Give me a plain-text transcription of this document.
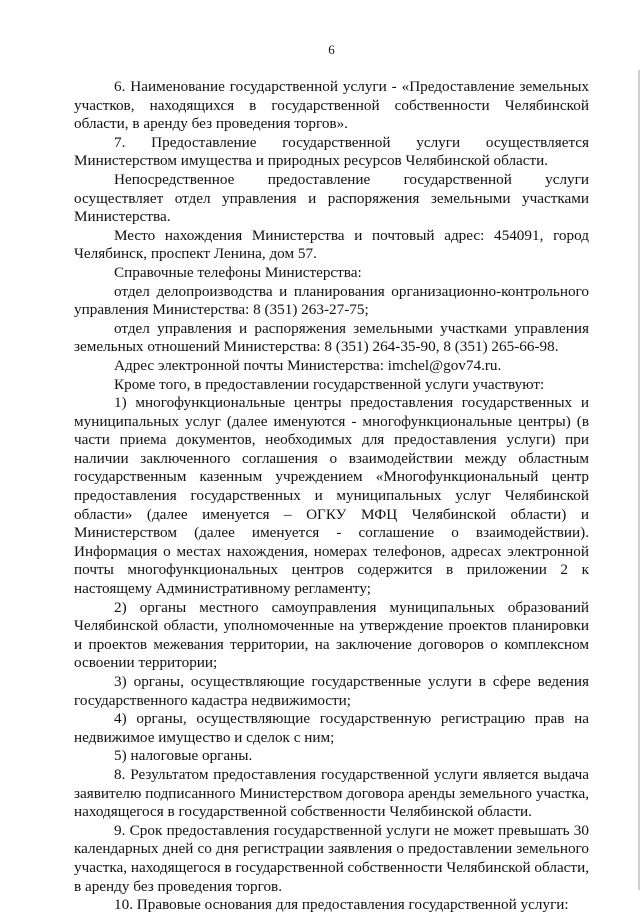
6

6. Наименование государственной услуги - «Предоставление земельных участков, находящихся в государственной собственности Челябинской области, в аренду без проведения торгов».

7. Предоставление государственной услуги осуществляется Министерством имущества и природных ресурсов Челябинской области.

Непосредственное предоставление государственной услуги осуществляет отдел управления и распоряжения земельными участками Министерства.

Место нахождения Министерства и почтовый адрес: 454091, город Челябинск, проспект Ленина, дом 57.

Справочные телефоны Министерства:

отдел делопроизводства и планирования организационно-контрольного управления Министерства: 8 (351) 263-27-75;

отдел управления и распоряжения земельными участками управления земельных отношений Министерства: 8 (351) 264-35-90, 8 (351) 265-66-98.

Адрес электронной почты Министерства: imchel@gov74.ru.

Кроме того, в предоставлении государственной услуги участвуют:

1) многофункциональные центры предоставления государственных и муниципальных услуг (далее именуются - многофункциональные центры) (в части приема документов, необходимых для предоставления услуги) при наличии заключенного соглашения о взаимодействии между областным государственным казенным учреждением «Многофункциональный центр предоставления государственных и муниципальных услуг Челябинской области» (далее именуется – ОГКУ МФЦ Челябинской области) и Министерством (далее именуется - соглашение о взаимодействии). Информация о местах нахождения, номерах телефонов, адресах электронной почты многофункциональных центров содержится в приложении 2 к настоящему Административному регламенту;

2) органы местного самоуправления муниципальных образований Челябинской области, уполномоченные на утверждение проектов планировки и проектов межевания территории, на заключение договоров о комплексном освоении территории;

3) органы, осуществляющие государственные услуги в сфере ведения государственного кадастра недвижимости;

4) органы, осуществляющие государственную регистрацию прав на недвижимое имущество и сделок с ним;

5) налоговые органы.

8. Результатом предоставления государственной услуги является выдача заявителю подписанного Министерством договора аренды земельного участка, находящегося в государственной собственности Челябинской области.

9. Срок предоставления государственной услуги не может превышать 30 календарных дней со дня регистрации заявления о предоставлении земельного участка, находящегося в государственной собственности Челябинской области, в аренду без проведения торгов.

10. Правовые основания для предоставления государственной услуги:
